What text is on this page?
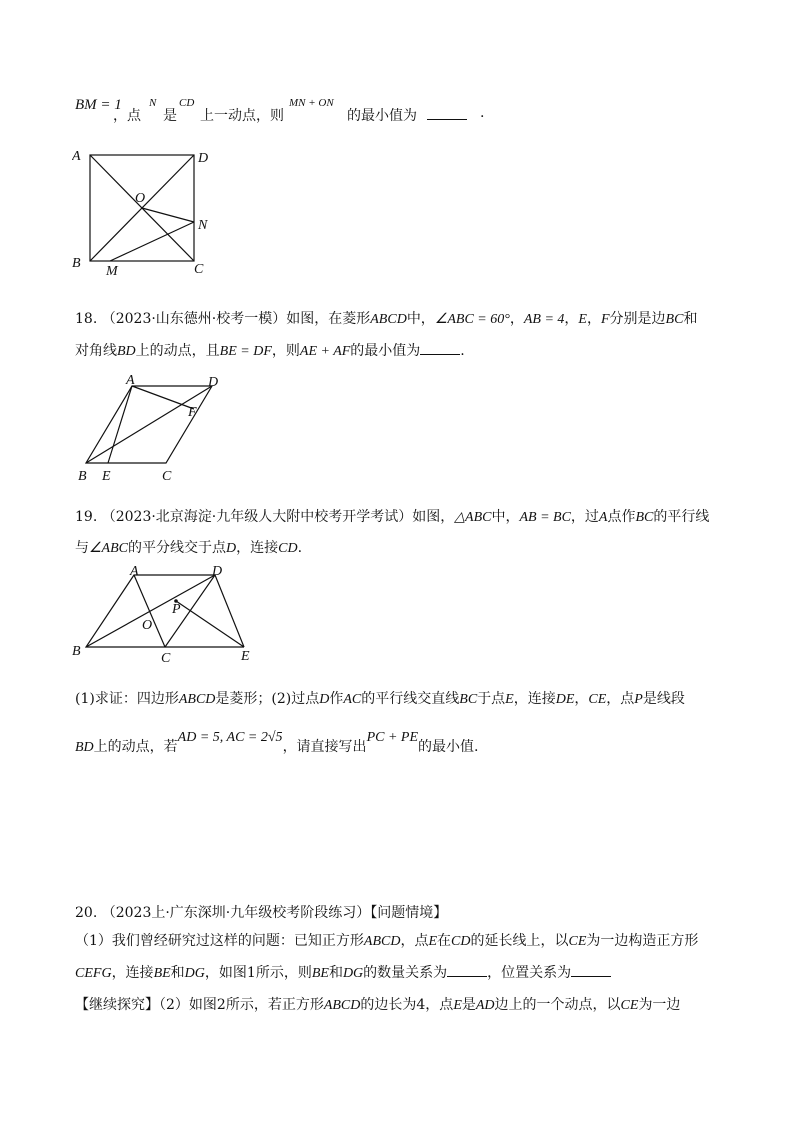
BM = 1
，点
N
是
CD
上一动点，则
MN + ON
的最小值为	.
A	D
O
N
B
M	C
18. （2023·山东德州·校考一模）如图，在菱形ABCD中，∠ABC = 60°，AB = 4，E，F分别是边BC和
对角线BD上的动点，且BE = DF，则AE + AF的最小值为	.
A	D
F
B E	C
19. （2023·北京海淀·九年级人大附中校考开学考试）如图，△ABC中，AB = BC，过A点作BC的平行线
与∠ABC的平分线交于点D，连接CD.
A	D
P
O
B	C	E
(1)求证：四边形ABCD是菱形；(2)过点D作AC的平行线交直线BC于点E，连接DE，CE，点P是线段
BD上的动点，若AD = 5, AC = 2√5，请直接写出PC + PE的最小值.
20. （2023上·广东深圳·九年级校考阶段练习）【问题情境】
（1）我们曾经研究过这样的问题：已知正方形ABCD，点E在CD的延长线上，以CE为一边构造正方形
CEFG，连接BE和DG，如图1所示，则BE和DG的数量关系为	，位置关系为
【继续探究】（2）如图2所示，若正方形ABCD的边长为4，点E是AD边上的一个动点，以CE为一边
